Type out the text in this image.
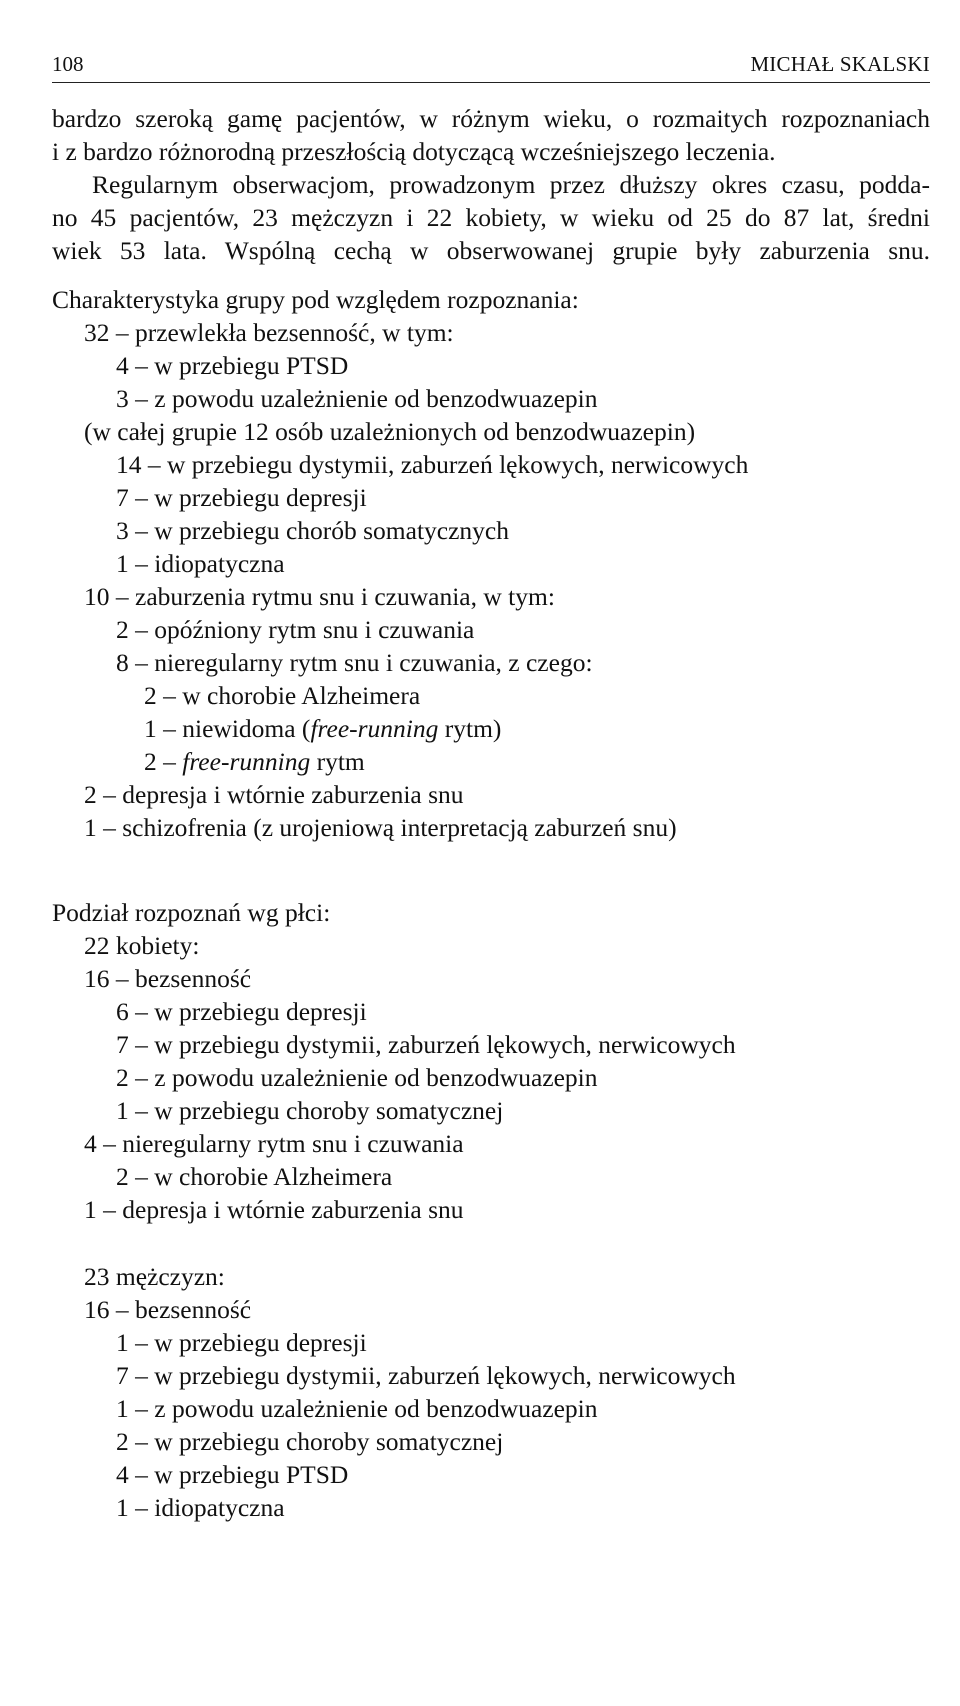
108	MICHAŁ SKALSKI
bardzo szeroką gamę pacjentów, w różnym wieku, o rozmaitych rozpoznaniach
i z bardzo różnorodną przeszłością dotyczącą wcześniejszego leczenia.
Regularnym obserwacjom, prowadzonym przez dłuższy okres czasu, podda-
no 45 pacjentów, 23 mężczyzn i 22 kobiety, w wieku od 25 do 87 lat, średni
wiek 53 lata. Wspólną cechą w obserwowanej grupie były zaburzenia snu.
Charakterystyka grupy pod względem rozpoznania:
32 – przewlekła bezsenność, w tym:
4 – w przebiegu PTSD
3 – z powodu uzależnienie od benzodwuazepin
(w całej grupie 12 osób uzależnionych od benzodwuazepin)
14 – w przebiegu dystymii, zaburzeń lękowych, nerwicowych
7 – w przebiegu depresji
3 – w przebiegu chorób somatycznych
1 – idiopatyczna
10 – zaburzenia rytmu snu i czuwania, w tym:
2 – opóźniony rytm snu i czuwania
8 – nieregularny rytm snu i czuwania, z czego:
2 – w chorobie Alzheimera
1 – niewidoma (free-running rytm)
2 – free-running rytm
2 – depresja i wtórnie zaburzenia snu
1 – schizofrenia (z urojeniową interpretacją zaburzeń snu)
Podział rozpoznań wg płci:
22 kobiety:
16 – bezsenność
6 – w przebiegu depresji
7 – w przebiegu dystymii, zaburzeń lękowych, nerwicowych
2 – z powodu uzależnienie od benzodwuazepin
1 – w przebiegu choroby somatycznej
4 – nieregularny rytm snu i czuwania
2 – w chorobie Alzheimera
1 – depresja i wtórnie zaburzenia snu
23 mężczyzn:
16 – bezsenność
1 – w przebiegu depresji
7 – w przebiegu dystymii, zaburzeń lękowych, nerwicowych
1 – z powodu uzależnienie od benzodwuazepin
2 – w przebiegu choroby somatycznej
4 – w przebiegu PTSD
1 – idiopatyczna
